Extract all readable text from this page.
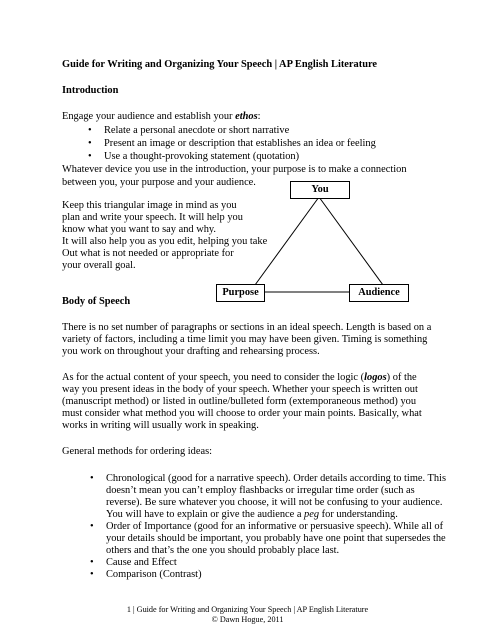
Guide for Writing and Organizing Your Speech | AP English Literature
Introduction
Engage your audience and establish your ethos:
• Relate a personal anecdote or short narrative
• Present an image or description that establishes an idea or feeling
• Use a thought-provoking statement (quotation)
Whatever device you use in the introduction, your purpose is to make a connection
between you, your purpose and your audience.
Keep this triangular image in mind as you
plan and write your speech. It will help you
know what you want to say and why.
It will also help you as you edit, helping you take
Out what is not needed or appropriate for
your overall goal.
You
Purpose	Audience
Body of Speech
There is no set number of paragraphs or sections in an ideal speech. Length is based on a
variety of factors, including a time limit you may have been given. Timing is something
you work on throughout your drafting and rehearsing process.
As for the actual content of your speech, you need to consider the logic (logos) of the
way you present ideas in the body of your speech. Whether your speech is written out
(manuscript method) or listed in outline/bulleted form (extemporaneous method) you
must consider what method you will choose to order your main points. Basically, what
works in writing will usually work in speaking.
General methods for ordering ideas:
• Chronological (good for a narrative speech). Order details according to time. This
doesn’t mean you can’t employ flashbacks or irregular time order (such as
reverse). Be sure whatever you choose, it will not be confusing to your audience.
You will have to explain or give the audience a peg for understanding.
• Order of Importance (good for an informative or persuasive speech). While all of
your details should be important, you probably have one point that supersedes the
others and that’s the one you should probably place last.
• Cause and Effect
• Comparison (Contrast)
1 | Guide for Writing and Organizing Your Speech | AP English Literature
© Dawn Hogue, 2011
